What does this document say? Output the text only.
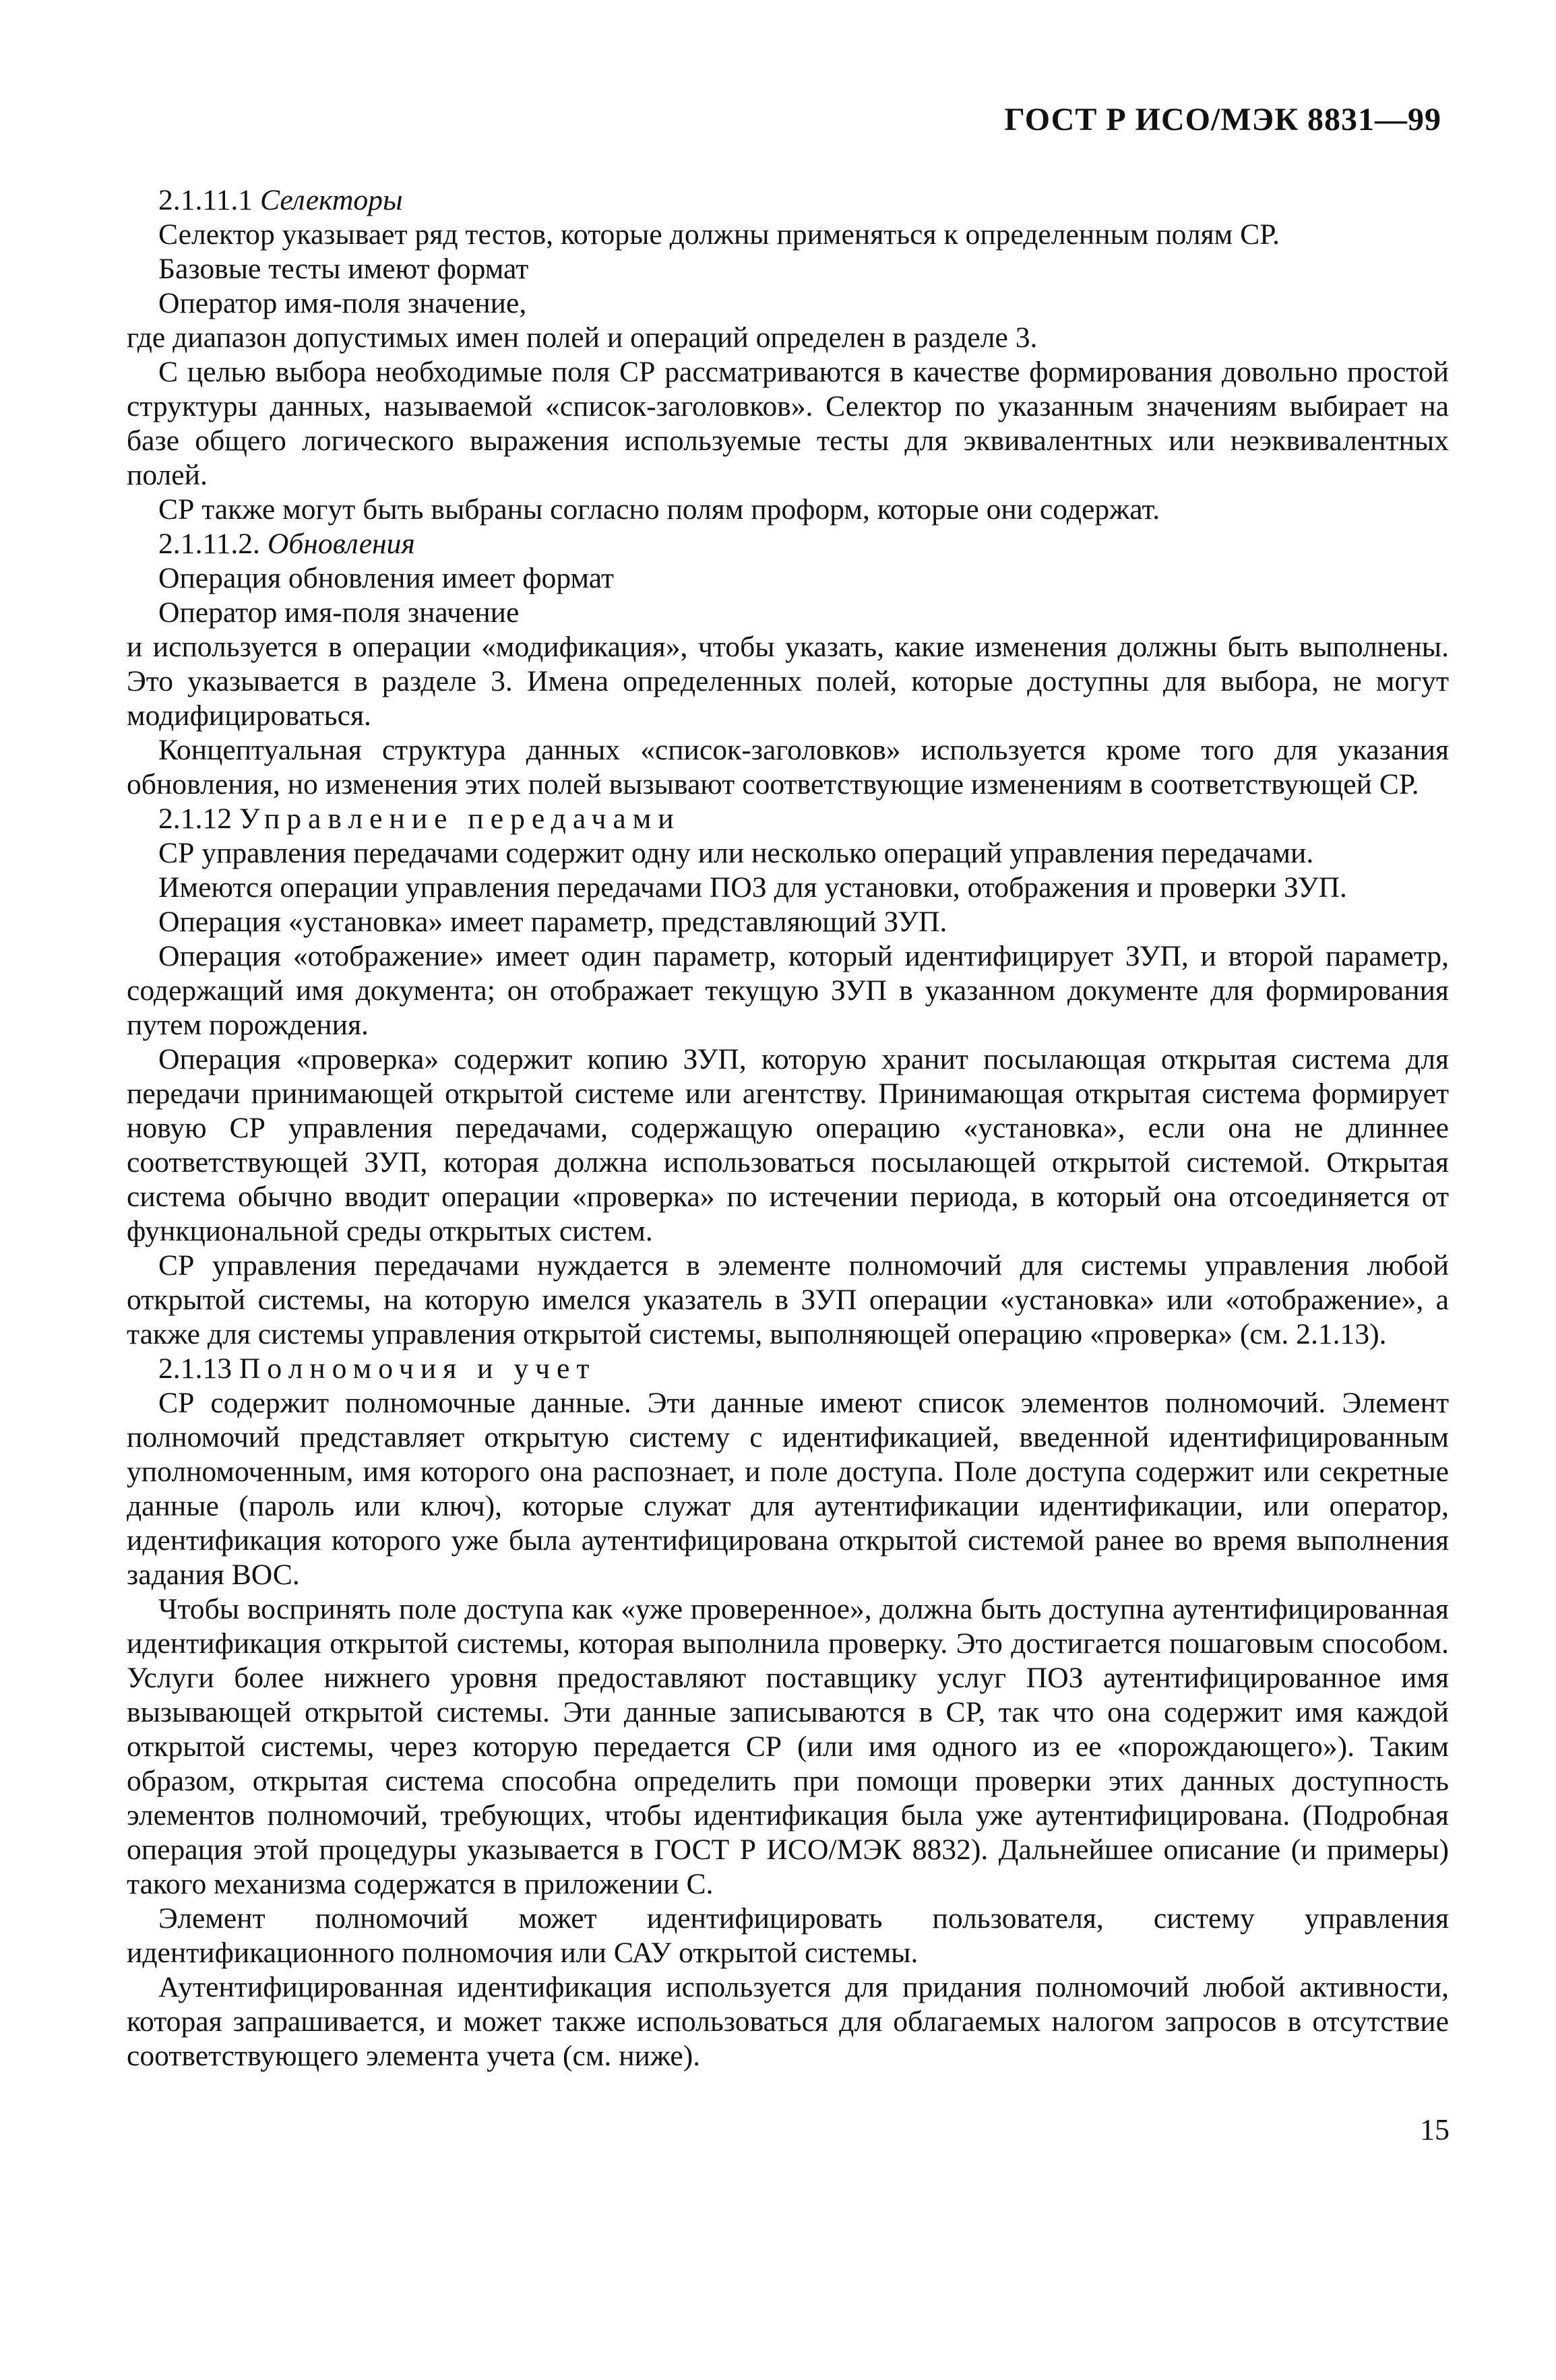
ГОСТ Р ИСО/МЭК 8831—99

2.1.11.1 Селекторы

Селектор указывает ряд тестов, которые должны применяться к определенным полям СР.

Базовые тесты имеют формат

Оператор имя-поля значение,

где диапазон допустимых имен полей и операций определен в разделе 3.

С целью выбора необходимые поля СР рассматриваются в качестве формирования довольно простой структуры данных, называемой «список-заголовков». Селектор по указанным значениям выбирает на базе общего логического выражения используемые тесты для эквивалентных или неэквивалентных полей.

СР также могут быть выбраны согласно полям проформ, которые они содержат.

2.1.11.2. Обновления

Операция обновления имеет формат

Оператор имя-поля значение

и используется в операции «модификация», чтобы указать, какие изменения должны быть выполнены. Это указывается в разделе 3. Имена определенных полей, которые доступны для выбора, не могут модифицироваться.

Концептуальная структура данных «список-заголовков» используется кроме того для указания обновления, но изменения этих полей вызывают соответствующие изменениям в соответствующей СР.

2.1.12 Управление передачами

СР управления передачами содержит одну или несколько операций управления передачами.

Имеются операции управления передачами ПОЗ для установки, отображения и проверки ЗУП.

Операция «установка» имеет параметр, представляющий ЗУП.

Операция «отображение» имеет один параметр, который идентифицирует ЗУП, и второй параметр, содержащий имя документа; он отображает текущую ЗУП в указанном документе для формирования путем порождения.

Операция «проверка» содержит копию ЗУП, которую хранит посылающая открытая система для передачи принимающей открытой системе или агентству. Принимающая открытая система формирует новую СР управления передачами, содержащую операцию «установка», если она не длиннее соответствующей ЗУП, которая должна использоваться посылающей открытой системой. Открытая система обычно вводит операции «проверка» по истечении периода, в который она отсоединяется от функциональной среды открытых систем.

СР управления передачами нуждается в элементе полномочий для системы управления любой открытой системы, на которую имелся указатель в ЗУП операции «установка» или «отображение», а также для системы управления открытой системы, выполняющей операцию «проверка» (см. 2.1.13).

2.1.13 Полномочия и учет

СР содержит полномочные данные. Эти данные имеют список элементов полномочий. Элемент полномочий представляет открытую систему с идентификацией, введенной идентифицированным уполномоченным, имя которого она распознает, и поле доступа. Поле доступа содержит или секретные данные (пароль или ключ), которые служат для аутентификации идентификации, или оператор, идентификация которого уже была аутентифицирована открытой системой ранее во время выполнения задания ВОС.

Чтобы воспринять поле доступа как «уже проверенное», должна быть доступна аутентифицированная идентификация открытой системы, которая выполнила проверку. Это достигается пошаговым способом. Услуги более нижнего уровня предоставляют поставщику услуг ПОЗ аутентифицированное имя вызывающей открытой системы. Эти данные записываются в СР, так что она содержит имя каждой открытой системы, через которую передается СР (или имя одного из ее «порождающего»). Таким образом, открытая система способна определить при помощи проверки этих данных доступность элементов полномочий, требующих, чтобы идентификация была уже аутентифицирована. (Подробная операция этой процедуры указывается в ГОСТ Р ИСО/МЭК 8832). Дальнейшее описание (и примеры) такого механизма содержатся в приложении С.

Элемент полномочий может идентифицировать пользователя, систему управления идентификационного полномочия или САУ открытой системы.

Аутентифицированная идентификация используется для придания полномочий любой активности, которая запрашивается, и может также использоваться для облагаемых налогом запросов в отсутствие соответствующего элемента учета (см. ниже).

15
